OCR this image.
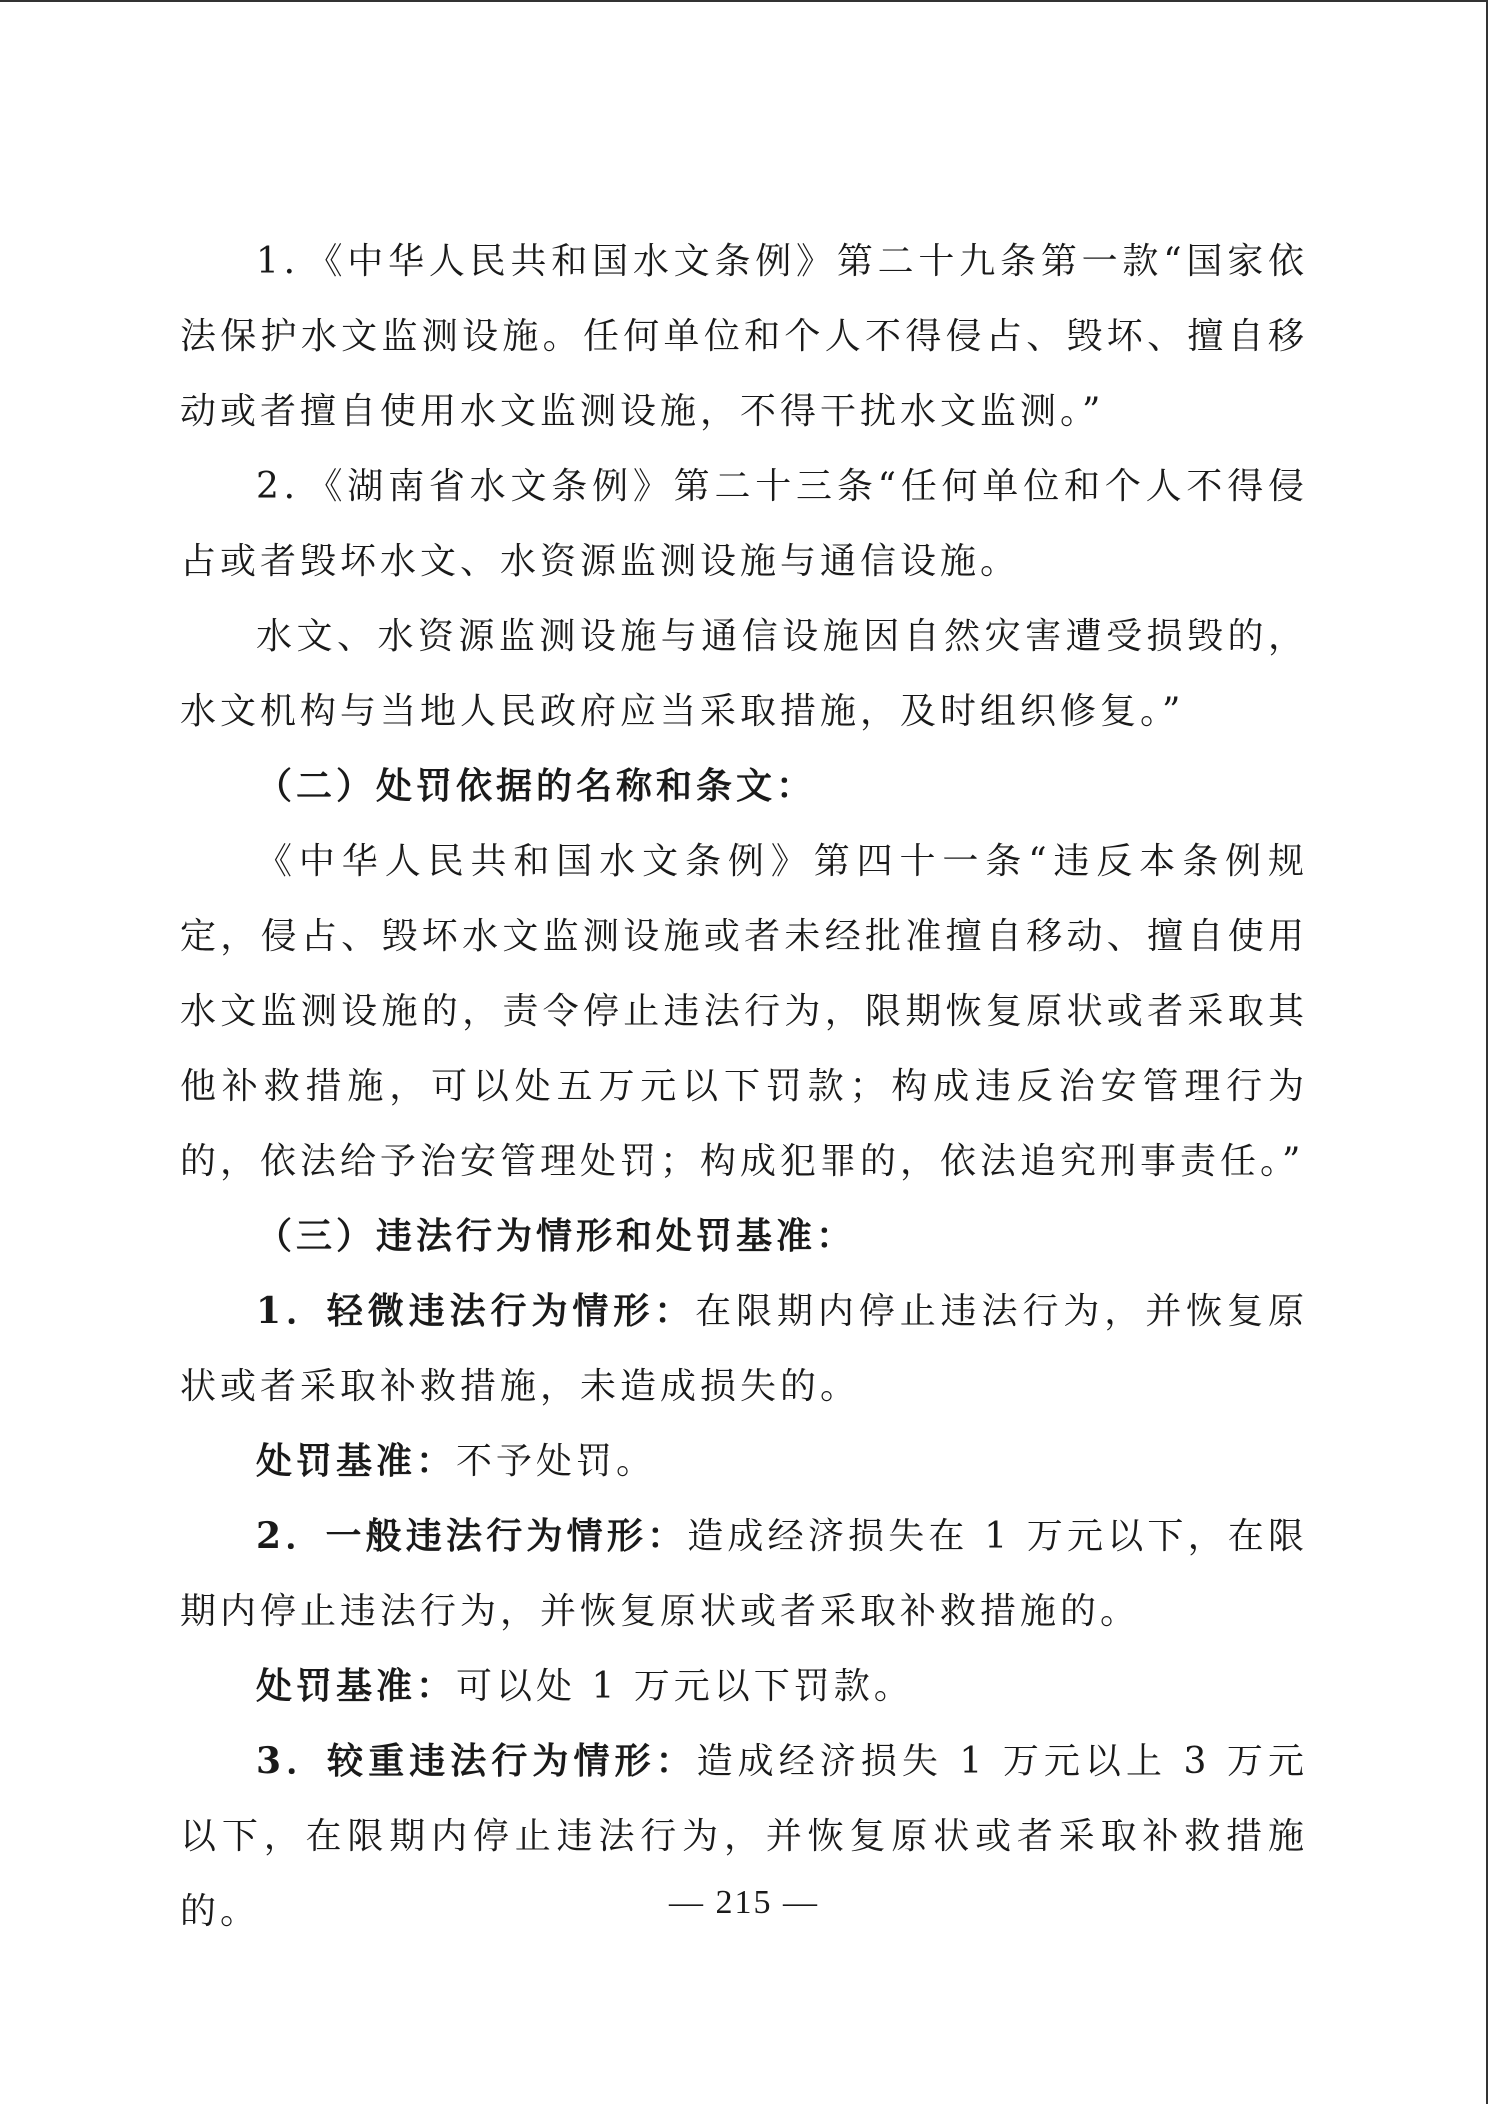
1．《中华人民共和国水文条例》第二十九条第一款“国家依法保护水文监测设施。任何单位和个人不得侵占、毁坏、擅自移动或者擅自使用水文监测设施，不得干扰水文监测。”

2．《湖南省水文条例》第二十三条“任何单位和个人不得侵占或者毁坏水文、水资源监测设施与通信设施。

水文、水资源监测设施与通信设施因自然灾害遭受损毁的，水文机构与当地人民政府应当采取措施，及时组织修复。”

（二）处罚依据的名称和条文：

《中华人民共和国水文条例》第四十一条“违反本条例规定，侵占、毁坏水文监测设施或者未经批准擅自移动、擅自使用水文监测设施的，责令停止违法行为，限期恢复原状或者采取其他补救措施，可以处五万元以下罚款；构成违反治安管理行为的，依法给予治安管理处罚；构成犯罪的，依法追究刑事责任。”

（三）违法行为情形和处罚基准：

1．轻微违法行为情形：在限期内停止违法行为，并恢复原状或者采取补救措施，未造成损失的。

处罚基准：不予处罚。

2．一般违法行为情形：造成经济损失在 1 万元以下，在限期内停止违法行为，并恢复原状或者采取补救措施的。

处罚基准：可以处 1 万元以下罚款。

3．较重违法行为情形：造成经济损失 1 万元以上 3 万元以下，在限期内停止违法行为，并恢复原状或者采取补救措施的。	— 215 —
